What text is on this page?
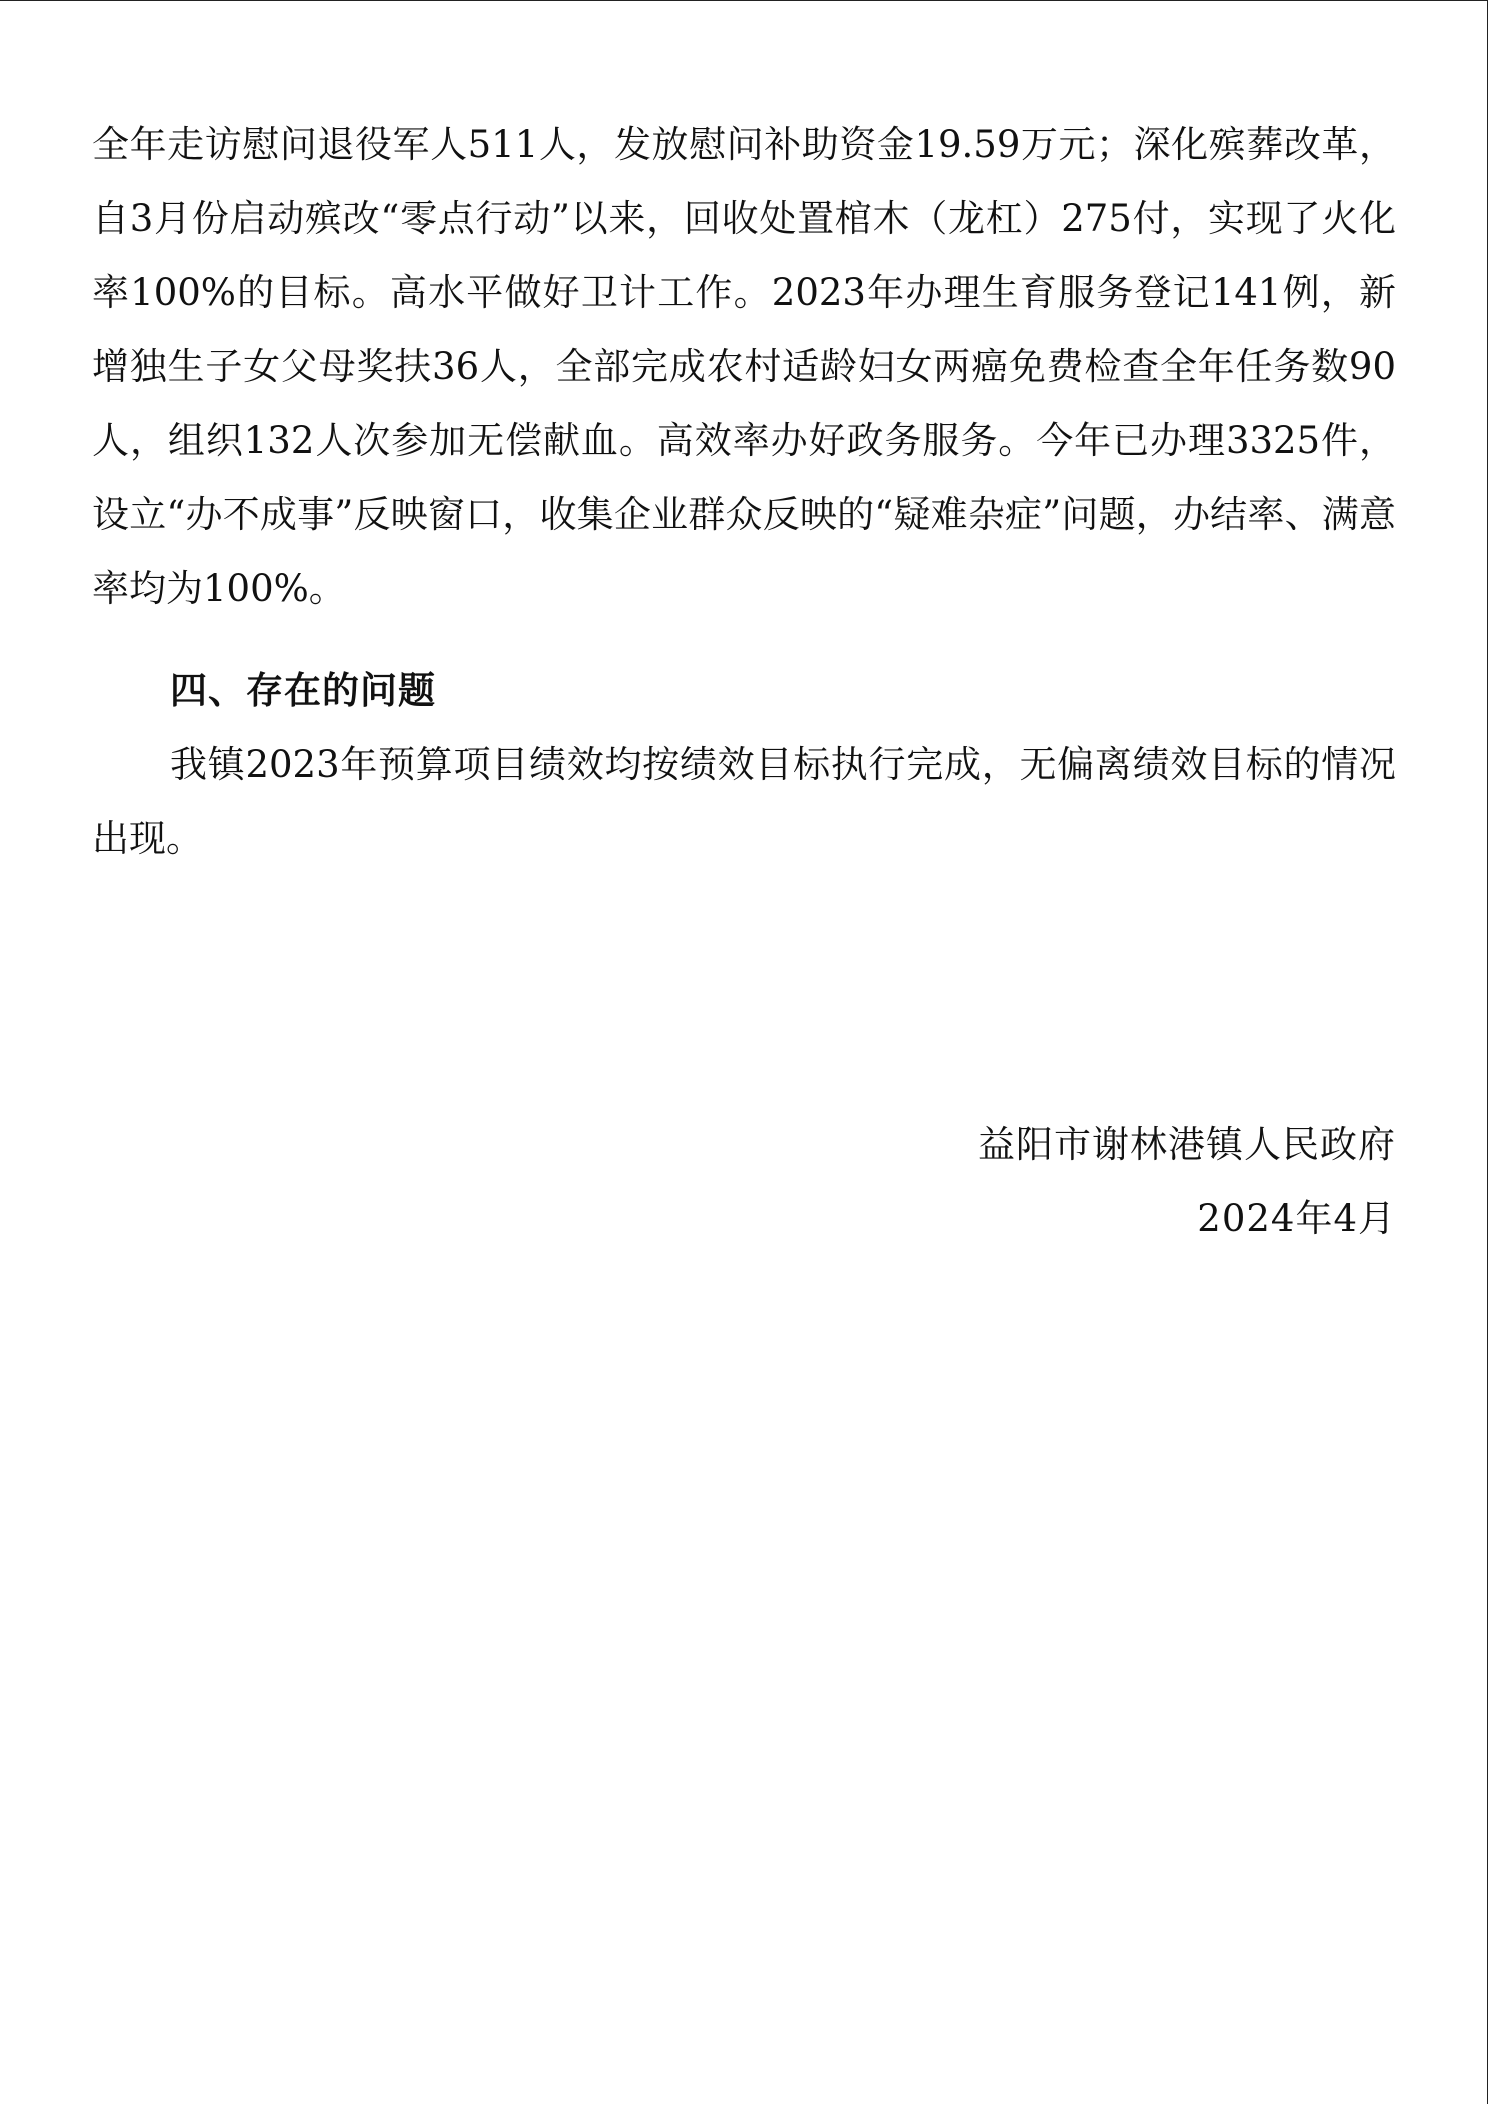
全年走访慰问退役军人511人，发放慰问补助资金19.59万元；深化殡葬改革，自3月份启动殡改“零点行动”以来，回收处置棺木（龙杠）275付，实现了火化率100%的目标。高水平做好卫计工作。2023年办理生育服务登记141例，新增独生子女父母奖扶36人，全部完成农村适龄妇女两癌免费检查全年任务数90人，组织132人次参加无偿献血。高效率办好政务服务。今年已办理3325件，设立“办不成事”反映窗口，收集企业群众反映的“疑难杂症”问题，办结率、满意率均为100%。

四、存在的问题

我镇2023年预算项目绩效均按绩效目标执行完成，无偏离绩效目标的情况出现。

益阳市谢林港镇人民政府

2024年4月
